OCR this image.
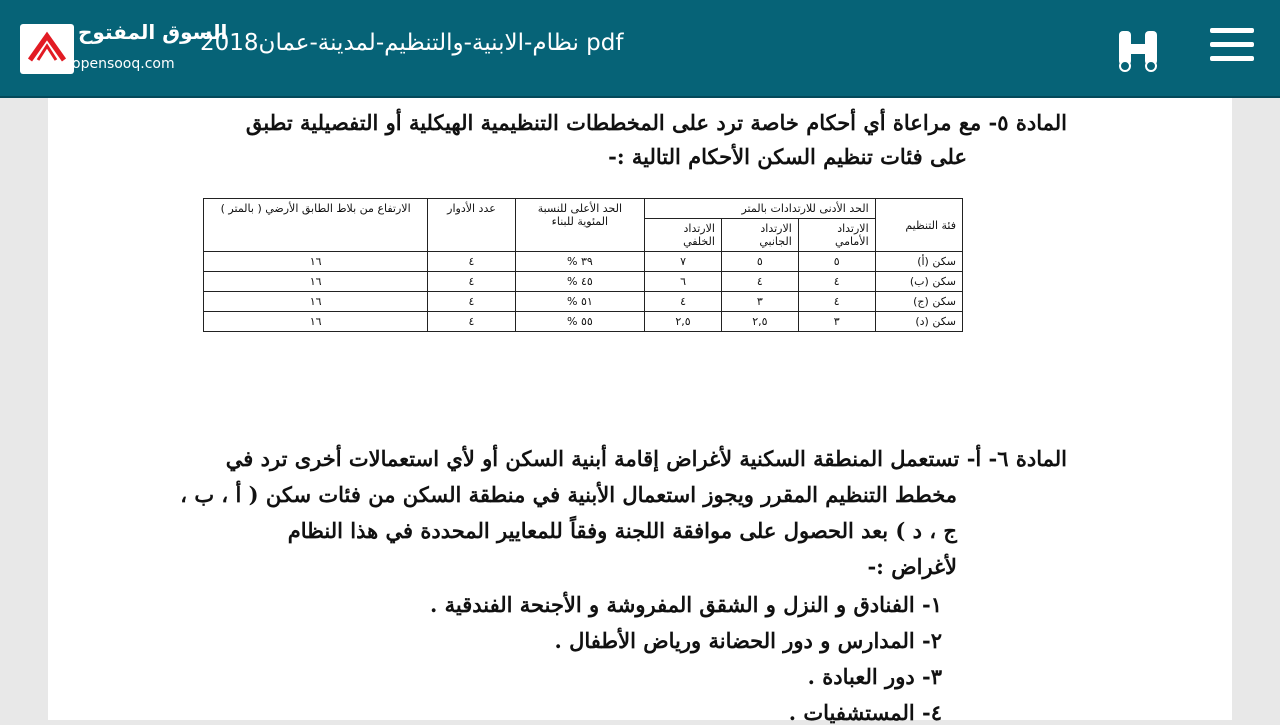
السوق المفتوح
opensooq.com
نظام-الابنية-والتنظيم-لمدينة-عمان2018 pdf
المادة ٥- مع مراعاة أي أحكام خاصة ترد على المخططات التنظيمية الهيكلية أو التفصيلية تطبق
على فئات تنظيم السكن الأحكام التالية :-
فئة التنظيم	الحد الأدنى للارتدادات بالمتر			الحد الأعلى للنسبة المئوية للبناء	عدد الأدوار	الارتفاع من بلاط الطابق الأرضي ( بالمتر )
	الارتداد الأمامي	الارتداد الجانبي	الارتداد الخلفي			
سكن (أ)	٥	٥	٧	٣٩ %	٤	١٦
سكن (ب)	٤	٤	٦	٤٥ %	٤	١٦
سكن (ج)	٤	٣	٤	٥١ %	٤	١٦
سكن (د)	٣	٢,٥	٢,٥	٥٥ %	٤	١٦
المادة ٦- أ- تستعمل المنطقة السكنية لأغراض إقامة أبنية السكن أو لأي استعمالات أخرى ترد في
مخطط التنظيم المقرر ويجوز استعمال الأبنية في منطقة السكن من فئات سكن ( أ ، ب ،
ج ، د ) بعد الحصول على موافقة اللجنة وفقاً للمعايير المحددة في هذا النظام
لأغراض :-
١- الفنادق و النزل و الشقق المفروشة و الأجنحة الفندقية .
٢- المدارس و دور الحضانة ورياض الأطفال .
٣- دور العبادة .
٤- المستشفيات .
